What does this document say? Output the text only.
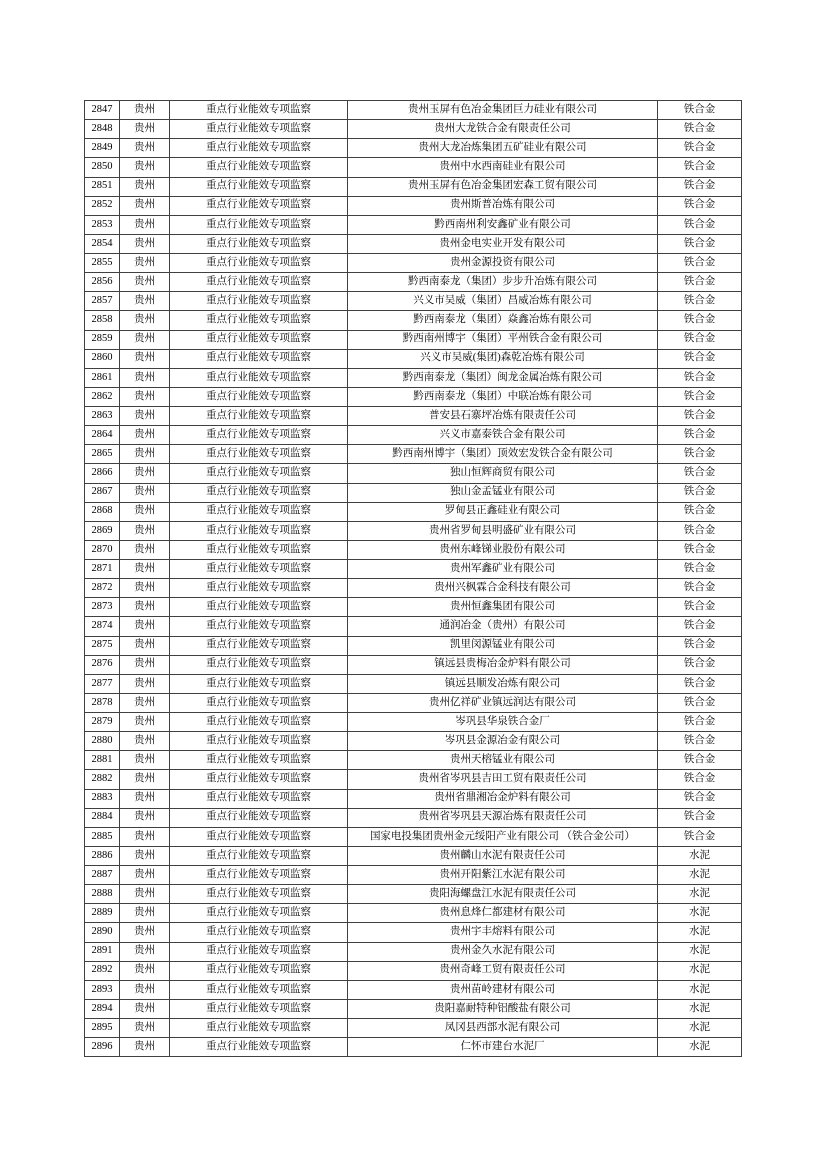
2847	贵州	重点行业能效专项监察	贵州玉屏有色冶金集团巨力硅业有限公司	铁合金
2848	贵州	重点行业能效专项监察	贵州大龙铁合金有限责任公司	铁合金
2849	贵州	重点行业能效专项监察	贵州大龙冶炼集团五矿硅业有限公司	铁合金
2850	贵州	重点行业能效专项监察	贵州中水西南硅业有限公司	铁合金
2851	贵州	重点行业能效专项监察	贵州玉屏有色冶金集团宏森工贸有限公司	铁合金
2852	贵州	重点行业能效专项监察	贵州斯普冶炼有限公司	铁合金
2853	贵州	重点行业能效专项监察	黔西南州利安鑫矿业有限公司	铁合金
2854	贵州	重点行业能效专项监察	贵州金电实业开发有限公司	铁合金
2855	贵州	重点行业能效专项监察	贵州金源投资有限公司	铁合金
2856	贵州	重点行业能效专项监察	黔西南泰龙（集团）步步升冶炼有限公司	铁合金
2857	贵州	重点行业能效专项监察	兴义市吴威（集团）昌威冶炼有限公司	铁合金
2858	贵州	重点行业能效专项监察	黔西南泰龙（集团）焱鑫冶炼有限公司	铁合金
2859	贵州	重点行业能效专项监察	黔西南州博宇（集团）平州铁合金有限公司	铁合金
2860	贵州	重点行业能效专项监察	兴义市吴威(集团)森乾冶炼有限公司	铁合金
2861	贵州	重点行业能效专项监察	黔西南泰龙（集团）闽龙金属冶炼有限公司	铁合金
2862	贵州	重点行业能效专项监察	黔西南泰龙（集团）中联冶炼有限公司	铁合金
2863	贵州	重点行业能效专项监察	普安县石寨坪冶炼有限责任公司	铁合金
2864	贵州	重点行业能效专项监察	兴义市嘉泰铁合金有限公司	铁合金
2865	贵州	重点行业能效专项监察	黔西南州博宇（集团）顶效宏发铁合金有限公司	铁合金
2866	贵州	重点行业能效专项监察	独山恒辉商贸有限公司	铁合金
2867	贵州	重点行业能效专项监察	独山金孟锰业有限公司	铁合金
2868	贵州	重点行业能效专项监察	罗甸县正鑫硅业有限公司	铁合金
2869	贵州	重点行业能效专项监察	贵州省罗甸县明盛矿业有限公司	铁合金
2870	贵州	重点行业能效专项监察	贵州东峰锑业股份有限公司	铁合金
2871	贵州	重点行业能效专项监察	贵州军鑫矿业有限公司	铁合金
2872	贵州	重点行业能效专项监察	贵州兴枫霖合金科技有限公司	铁合金
2873	贵州	重点行业能效专项监察	贵州恒鑫集团有限公司	铁合金
2874	贵州	重点行业能效专项监察	通润冶金（贵州）有限公司	铁合金
2875	贵州	重点行业能效专项监察	凯里闵源锰业有限公司	铁合金
2876	贵州	重点行业能效专项监察	镇远县贵梅冶金炉料有限公司	铁合金
2877	贵州	重点行业能效专项监察	镇远县顺发冶炼有限公司	铁合金
2878	贵州	重点行业能效专项监察	贵州亿祥矿业镇远润达有限公司	铁合金
2879	贵州	重点行业能效专项监察	岑巩县华泉铁合金厂	铁合金
2880	贵州	重点行业能效专项监察	岑巩县金源冶金有限公司	铁合金
2881	贵州	重点行业能效专项监察	贵州天榕锰业有限公司	铁合金
2882	贵州	重点行业能效专项监察	贵州省岑巩县吉田工贸有限责任公司	铁合金
2883	贵州	重点行业能效专项监察	贵州省鼎湘冶金炉料有限公司	铁合金
2884	贵州	重点行业能效专项监察	贵州省岑巩县天源冶炼有限责任公司	铁合金
2885	贵州	重点行业能效专项监察	国家电投集团贵州金元绥阳产业有限公司 （铁合金公司）	铁合金
2886	贵州	重点行业能效专项监察	贵州麟山水泥有限责任公司	水泥
2887	贵州	重点行业能效专项监察	贵州开阳紫江水泥有限公司	水泥
2888	贵州	重点行业能效专项监察	贵阳海螺盘江水泥有限责任公司	水泥
2889	贵州	重点行业能效专项监察	贵州息烽仁都建材有限公司	水泥
2890	贵州	重点行业能效专项监察	贵州宇丰熔料有限公司	水泥
2891	贵州	重点行业能效专项监察	贵州金久水泥有限公司	水泥
2892	贵州	重点行业能效专项监察	贵州奇峰工贸有限责任公司	水泥
2893	贵州	重点行业能效专项监察	贵州苗岭建材有限公司	水泥
2894	贵州	重点行业能效专项监察	贵阳嘉耐特种铝酸盐有限公司	水泥
2895	贵州	重点行业能效专项监察	凤冈县西部水泥有限公司	水泥
2896	贵州	重点行业能效专项监察	仁怀市建台水泥厂	水泥
